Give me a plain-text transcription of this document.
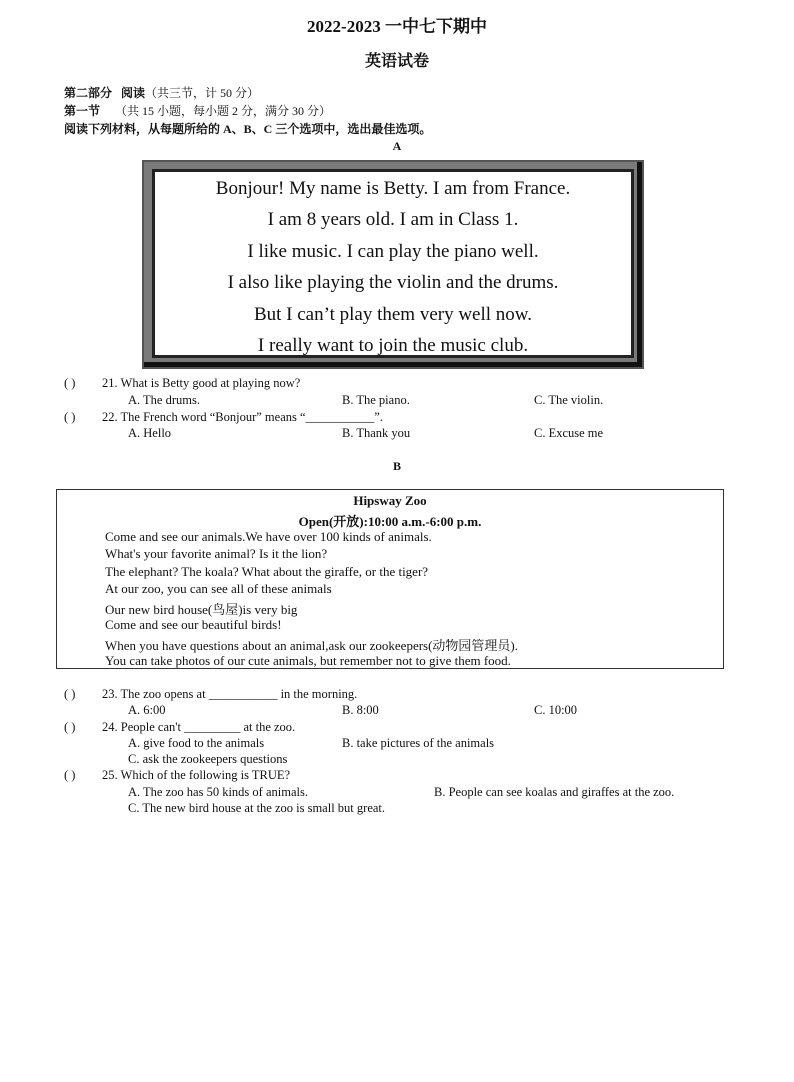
2022-2023 一中七下期中
英语试卷
第二部分 阅读（共三节，计 50 分）
第一节 （共 15 小题，每小题 2 分，满分 30 分）
阅读下列材料，从每题所给的 A、B、C 三个选项中，选出最佳选项。
A
Bonjour! My name is Betty. I am from France.
I am 8 years old. I am in Class 1.
I like music. I can play the piano well.
I also like playing the violin and the drums.
But I can’t play them very well now.
I really want to join the music club.
( ) 21. What is Betty good at playing now?
A. The drums.	B. The piano.	C. The violin.
( ) 22. The French word “Bonjour” means “___________”.
A. Hello	B. Thank you	C. Excuse me
B
Hipsway Zoo
Open(开放):10:00 a.m.-6:00 p.m.
Come and see our animals.We have over 100 kinds of animals.
What's your favorite animal? Is it the lion?
The elephant? The koala? What about the giraffe, or the tiger?
At our zoo, you can see all of these animals
Our new bird house(鸟屋)is very big
Come and see our beautiful birds!
When you have questions about an animal,ask our zookeepers(动物园管理员).
You can take photos of our cute animals, but remember not to give them food.
( ) 23. The zoo opens at ___________ in the morning.
A. 6:00	B. 8:00	C. 10:00
( ) 24. People can't _________ at the zoo.
A. give food to the animals	B. take pictures of the animals
C. ask the zookeepers questions
( ) 25. Which of the following is TRUE?
A. The zoo has 50 kinds of animals.	B. People can see koalas and giraffes at the zoo.
C. The new bird house at the zoo is small but great.
